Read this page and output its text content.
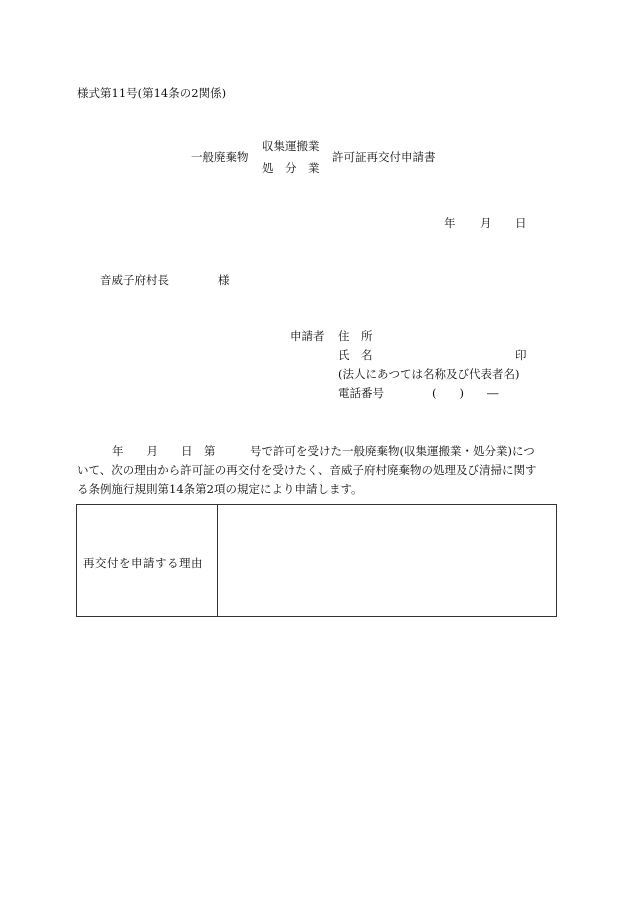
様式第11号(第14条の2関係)
一般廃棄物
収集運搬業
処　分　業
許可証再交付申請書
年 月 日
音威子府村長	様
申請者 住　所
氏　名	印
(法人にあつては名称及び代表者名)
電話番号	(　　)　　―
年　　月　　日　第　　　号で許可を受けた一般廃棄物(収集運搬業・処分業)につ
いて、次の理由から許可証の再交付を受けたく、音威子府村廃棄物の処理及び清掃に関す
る条例施行規則第14条第2項の規定により申請します。
再交付を申請する理由
